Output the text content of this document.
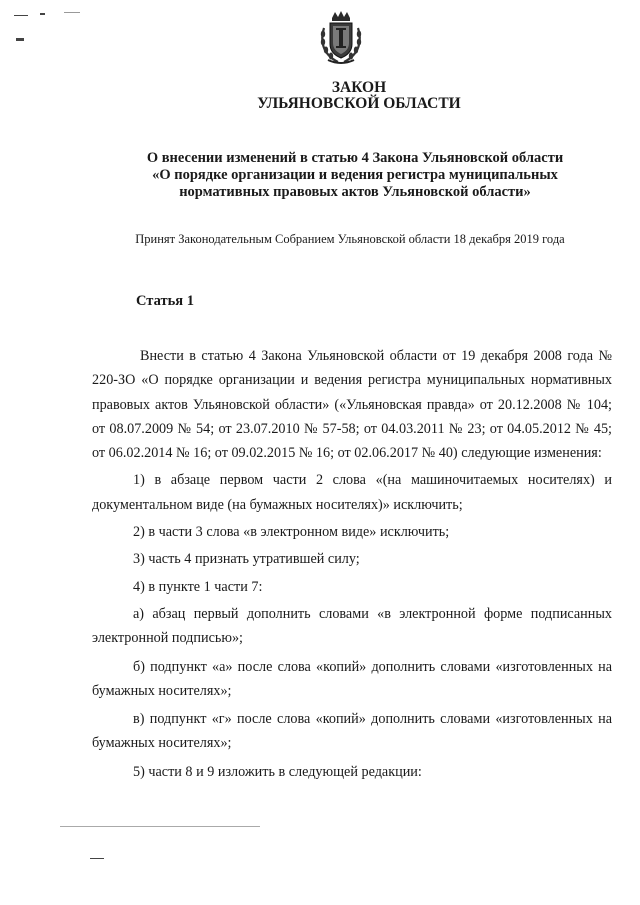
ЗАКОН
УЛЬЯНОВСКОЙ ОБЛАСТИ
О внесении изменений в статью 4 Закона Ульяновской области
«О порядке организации и ведения регистра муниципальных
нормативных правовых актов Ульяновской области»
Принят Законодательным Собранием Ульяновской области 18 декабря 2019 года
Статья 1

Внести в статью 4 Закона Ульяновской области от 19 декабря 2008 года № 220-ЗО «О порядке организации и ведения регистра муниципальных нормативных правовых актов Ульяновской области» («Ульяновская правда» от 20.12.2008 № 104; от 08.07.2009 № 54; от 23.07.2010 № 57-58; от 04.03.2011 № 23; от 04.05.2012 № 45; от 06.02.2014 № 16; от 09.02.2015 № 16; от 02.06.2017 № 40) следующие изменения:

1) в абзаце первом части 2 слова «(на машиночитаемых носителях) и документальном виде (на бумажных носителях)» исключить;

2) в части 3 слова «в электронном виде» исключить;

3) часть 4 признать утратившей силу;

4) в пункте 1 части 7:

а) абзац первый дополнить словами «в электронной форме подписанных электронной подписью»;

б) подпункт «а» после слова «копий» дополнить словами «изготовленных на бумажных носителях»;

в) подпункт «г» после слова «копий» дополнить словами «изготовленных на бумажных носителях»;

5) части 8 и 9 изложить в следующей редакции:
